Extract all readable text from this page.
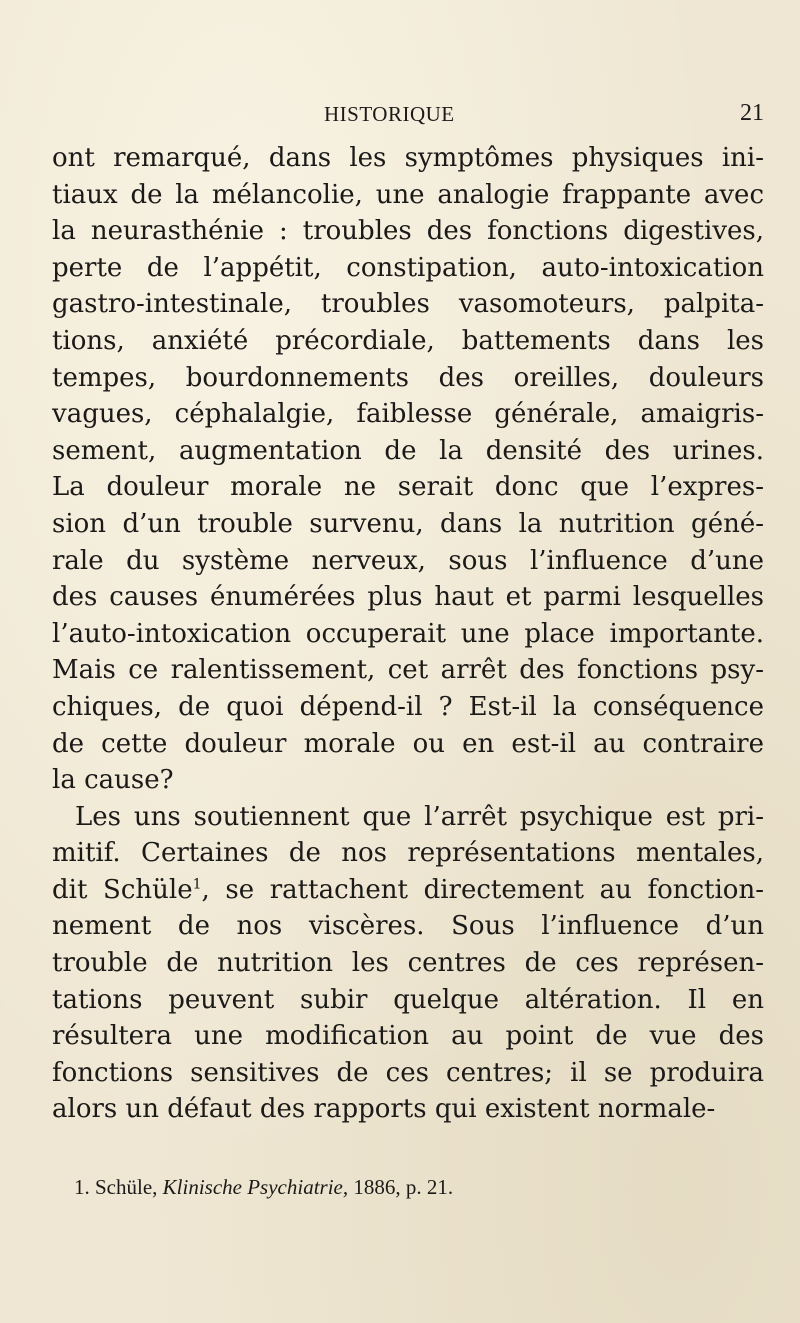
HISTORIQUE	21
ont remarqué, dans les symptômes physiques ini-
tiaux de la mélancolie, une analogie frappante avec
la neurasthénie : troubles des fonctions digestives,
perte de l’appétit, constipation, auto-intoxication
gastro-intestinale, troubles vasomoteurs, palpita-
tions, anxiété précordiale, battements dans les
tempes, bourdonnements des oreilles, douleurs
vagues, céphalalgie, faiblesse générale, amaigris-
sement, augmentation de la densité des urines.
La douleur morale ne serait donc que l’expres-
sion d’un trouble survenu, dans la nutrition géné-
rale du système nerveux, sous l’influence d’une
des causes énumérées plus haut et parmi lesquelles
l’auto-intoxication occuperait une place importante.
Mais ce ralentissement, cet arrêt des fonctions psy-
chiques, de quoi dépend-il ? Est-il la conséquence
de cette douleur morale ou en est-il au contraire
la cause?
Les uns soutiennent que l’arrêt psychique est pri-
mitif. Certaines de nos représentations mentales,
dit Schüle$^1$, se rattachent directement au fonction-
nement de nos viscères. Sous l’influence d’un
trouble de nutrition les centres de ces représen-
tations peuvent subir quelque altération. Il en
résultera une modification au point de vue des
fonctions sensitives de ces centres; il se produira
alors un défaut des rapports qui existent normale-
1. Schüle, Klinische Psychiatrie, 1886, p. 21.
